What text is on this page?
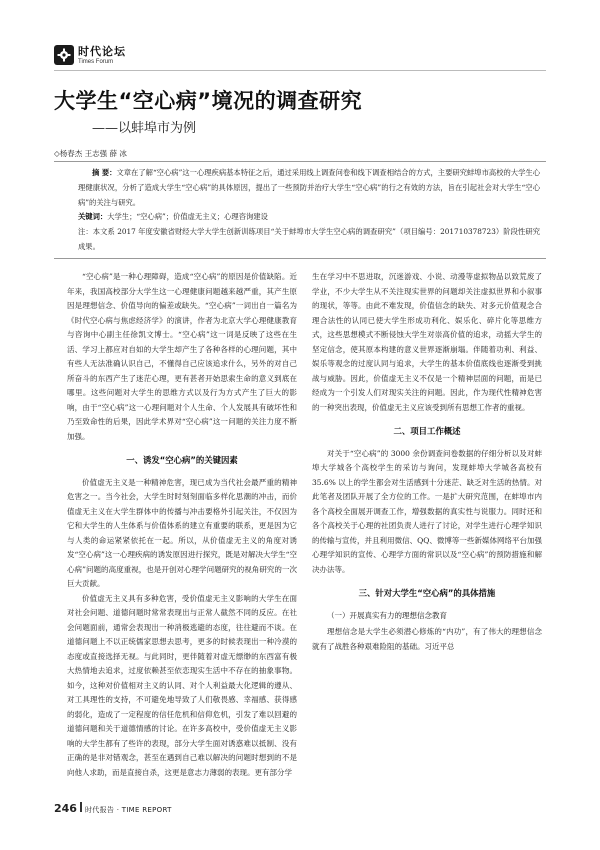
时代论坛
Times Forum
大学生“空心病”境况的调查研究
——以蚌埠市为例
◇杨春杰 王志强 薛 冰

摘 要：文章在了解“空心病”这一心理疾病基本特征之后，通过采用线上调查问卷和线下调查相结合的方式，主要研究蚌埠市高校的大学生心理健康状况，分析了造成大学生“空心病”的具体原因，提出了一些预防并治疗大学生“空心病”的行之有效的方法，旨在引起社会对大学生“空心病”的关注与研究。

关键词：大学生；“空心病”；价值虚无主义；心理咨询建设

注：本文系 2017 年度安徽省财经大学大学生创新训练项目“关于蚌埠市大学生空心病的调查研究”（项目编号：201710378723）阶段性研究成果。

“空心病”是一种心理障碍，造成“空心病”的原因是价值缺陷。近年来，我国高校部分大学生这一心理健康问题越来越严重，其产生原因是理想信念、价值导向的偏差或缺失。“空心病”一词出自一篇名为《时代空心病与焦虑经济学》的演讲，作者为北京大学心理健康教育与咨询中心副主任徐凯文博士。“空心病”这一词是反映了这些在生活、学习上都应对自如的大学生却产生了各种各样的心理问题，其中有些人无法准确认识自己，不懂得自己应该追求什么，另外的对自己所奋斗的东西产生了迷茫心理，更有甚者开始思索生命的意义到底在哪里。这些问题对大学生的思维方式以及行为方式产生了巨大的影响，由于“空心病”这一心理问题对个人生命、个人发展具有破坏性和乃至致命性的后果，因此学术界对“空心病”这一问题的关注力度不断加强。

一、诱发“空心病”的关键因素

价值虚无主义是一种精神危害，现已成为当代社会最严重的精神危害之一。当今社会，大学生时时刻刻面临多样化思潮的冲击，而价值虚无主义在大学生群体中的传播与冲击要格外引起关注，不仅因为它和大学生的人生体系与价值体系的建立有重要的联系，更是因为它与人类的命运紧紧依托在一起。所以，从价值虚无主义的角度对诱发“空心病”这一心理疾病的诱发原因进行探究，既是对解决大学生“空心病”问题的高度重视，也是开创对心理学问题研究的视角研究的一次巨大贡献。

价值虚无主义具有多种危害，受价值虚无主义影响的大学生在面对社会问题、道德问题时常常表现出与正常人截然不同的反应。在社会问题面前，通常会表现出一种消极逃避的态度，往往避而不谈。在道德问题上不以正统儒家思想去思考，更多的时候表现出一种冷漠的态度或直接选择无视。与此同时，更伴随着对虚无缥缈的东西富有极大热情地去追求，过度依赖甚至依恋现实生活中不存在的抽象事物。如今，这种对价值相对主义的认同、对个人利益最大化逻辑的遵从、对工具理性的支持，不可避免地导致了人们敬畏感、幸福感、获得感的弱化，造成了一定程度的信任危机和信仰危机，引发了难以回避的道德问题和关于道德情感的讨论。在许多高校中，受价值虚无主义影响的大学生都有了些许的表现，部分大学生面对诱惑难以抵制、没有正确的是非对错观念，甚至在遇到自己难以解决的问题时想到的不是向他人求助，而是直接自杀，这更是意志力薄弱的表现。更有部分学

生在学习中不思进取，沉迷游戏、小说、动漫等虚拟物品以致荒废了学业，不少大学生从不关注现实世界的问题却关注虚拟世界和小叙事的现状，等等。由此不难发现，价值信念的缺失、对多元价值观念合理合法性的认同已使大学生形成功利化、娱乐化、碎片化等思维方式，这些思想模式不断侵蚀大学生对崇高价值的追求，动摇大学生的坚定信念，使其原本构建的意义世界逐渐崩塌。伴随着功利、利益、娱乐等观念的过度认同与追求，大学生的基本价值底线也逐渐受到挑战与威胁。因此，价值虚无主义不仅是一个精神层面的问题，而是已经成为一个引发人们对现实关注的问题。因此，作为现代性精神危害的一种突出表现，价值虚无主义应该受到所有思想工作者的重视。

二、项目工作概述

对关于“空心病”的 3000 余份调查问卷数据的仔细分析以及对蚌埠大学城各个高校学生的采访与询问，发现蚌埠大学城各高校有 35.6% 以上的学生都会对生活感到十分迷茫、缺乏对生活的热情。对此笔者及团队开展了全方位的工作。一是扩大研究范围，在蚌埠市内各个高校全面展开调查工作，增强数据的真实性与说服力。同时还和各个高校关于心理的社团负责人进行了讨论，对学生进行心理学知识的传输与宣传，并且利用微信、QQ、微博等一些新媒体网络平台加强心理学知识的宣传、心理学方面的常识以及“空心病”的预防措施和解决办法等。

三、针对大学生“空心病”的具体措施
（一）开展真实有力的理想信念教育

理想信念是大学生必须潜心修炼的“内功”，有了伟大的理想信念就有了战胜各种艰难险阻的基础。习近平总

246 时代报告 · TIME REPORT
